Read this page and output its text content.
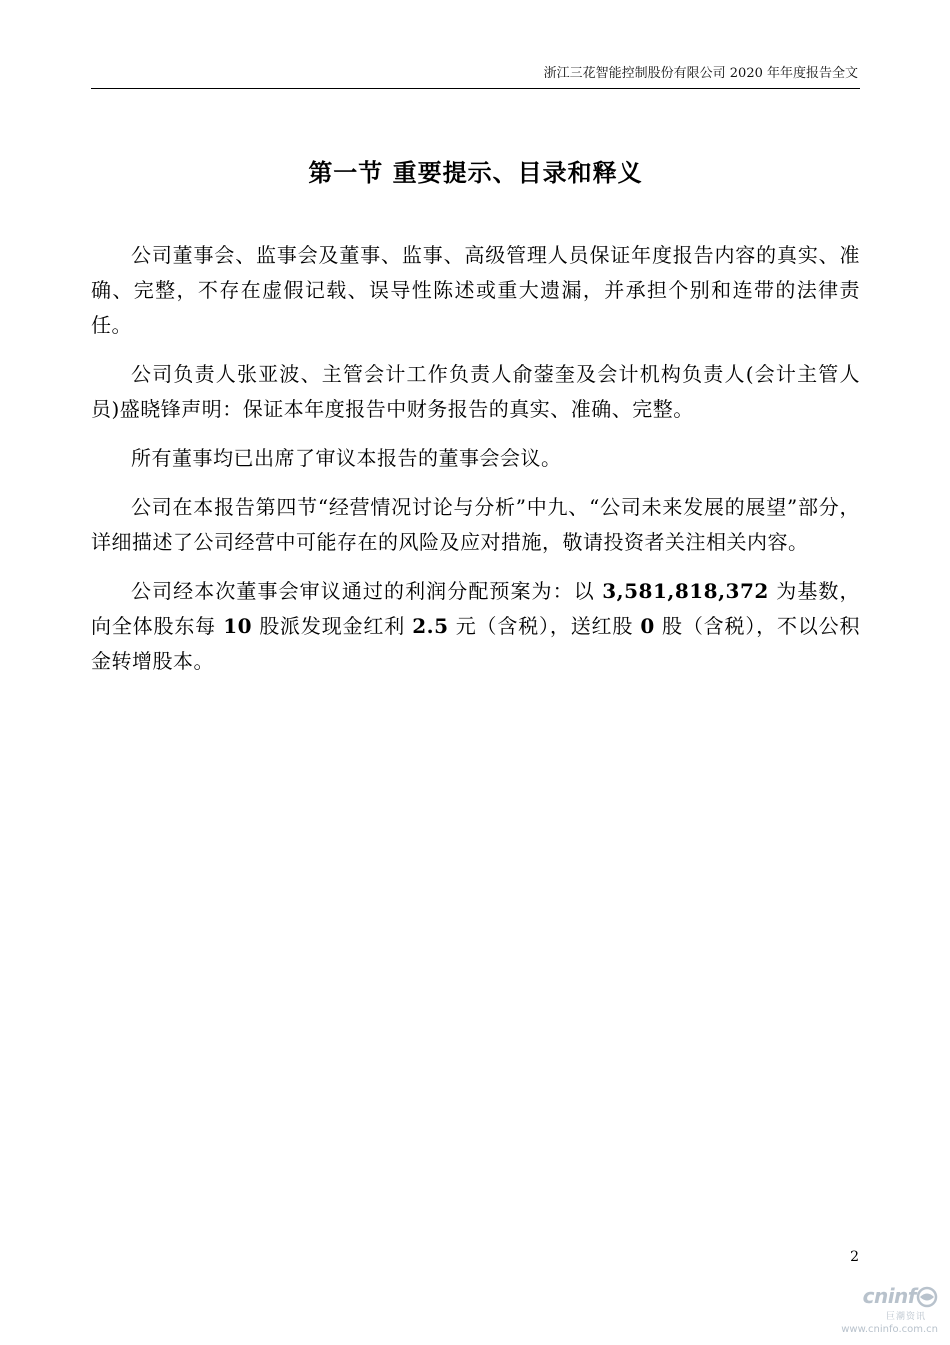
浙江三花智能控制股份有限公司 2020 年年度报告全文
第一节 重要提示、目录和释义

公司董事会、监事会及董事、监事、高级管理人员保证年度报告内容的真实、准确、完整，不存在虚假记载、误导性陈述或重大遗漏，并承担个别和连带的法律责任。

公司负责人张亚波、主管会计工作负责人俞蓥奎及会计机构负责人(会计主管人员)盛晓锋声明：保证本年度报告中财务报告的真实、准确、完整。

所有董事均已出席了审议本报告的董事会会议。

公司在本报告第四节“经营情况讨论与分析”中九、“公司未来发展的展望”部分，详细描述了公司经营中可能存在的风险及应对措施，敬请投资者关注相关内容。

公司经本次董事会审议通过的利润分配预案为：以 3,581,818,372 为基数，向全体股东每 10 股派发现金红利 2.5 元（含税），送红股 0 股（含税），不以公积金转增股本。

2
cninf
巨潮资讯
www.cninfo.com.cn
